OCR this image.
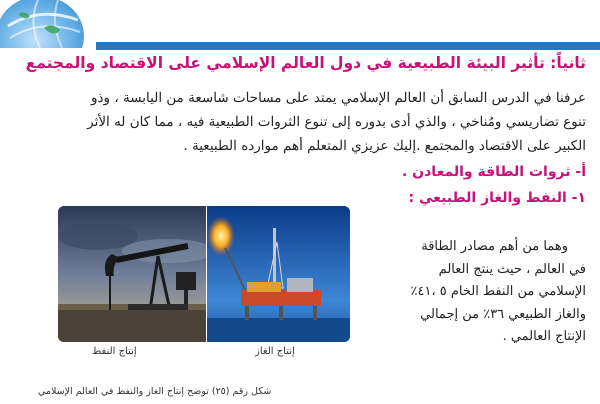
ثانياً: تأثير البيئة الطبيعية في دول العالم الإسلامي على الاقتصاد والمجتمع
عرفنا في الدرس السابق أن العالم الإسلامي يمتد على مساحات شاسعة من اليابسة ، وذو
تنوع تضاريسي ومُناخي ، والذي أدى بدوره إلى تنوع الثروات الطبيعية فيه ، مما كان له الأثر
الكبير على الاقتصاد والمجتمع .إليك عزيزي المتعلم أهم موارده الطبيعية .
أ- ثروات الطاقة والمعادن .
١- النفط والغاز الطبيعي :
وهما من أهم مصادر الطاقة
في العالم ، حيث ينتج العالم
الإسلامي من النفط الخام ٥ ،٤١٪
والغاز الطبيعي ٣٦٪ من إجمالي
الإنتاج العالمي .
إنتاج النفط	إنتاج الغاز
شكل رقم (٢٥) توضح إنتاج الغاز والنفط في العالم الإسلامي
